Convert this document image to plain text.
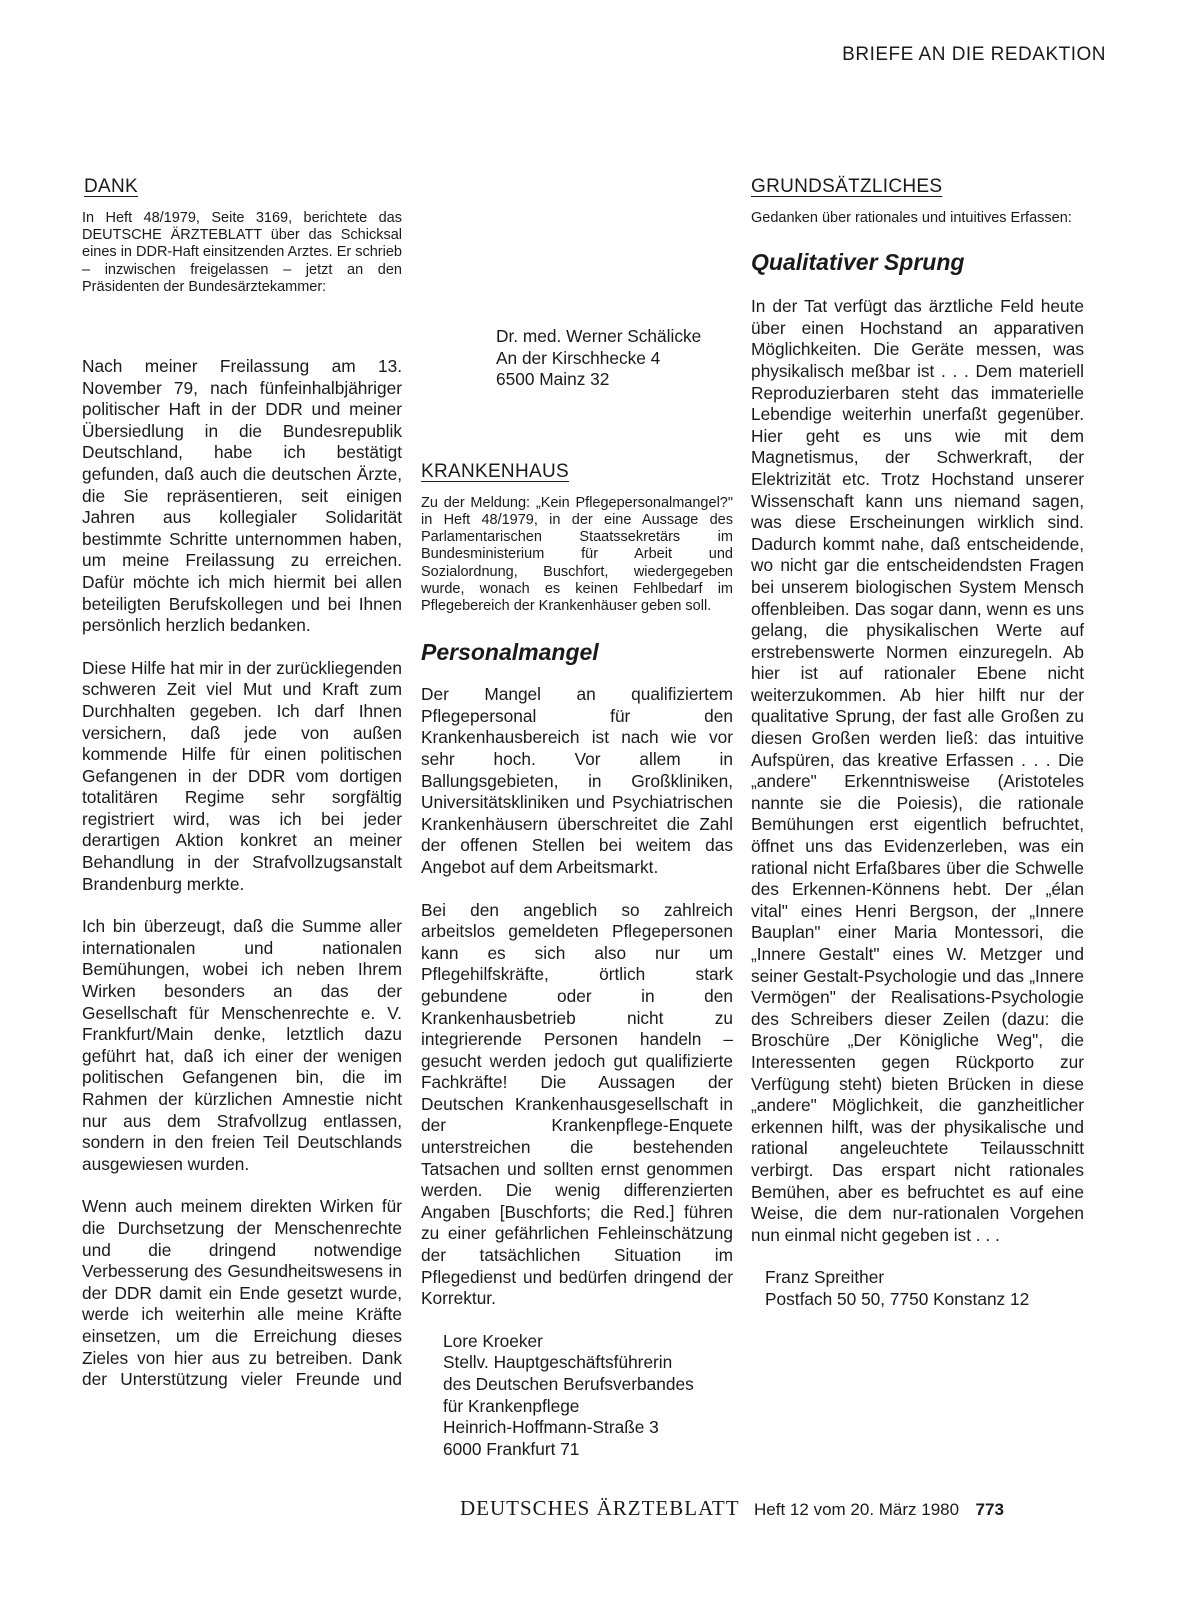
BRIEFE AN DIE REDAKTION
DANK

In Heft 48/1979, Seite 3169, berichtete das DEUTSCHE ÄRZTEBLATT über das Schicksal eines in DDR-Haft einsitzenden Arztes. Er schrieb – inzwischen freigelassen – jetzt an den Präsidenten der Bundesärztekammer:

Nach meiner Freilassung am 13. November 79, nach fünfeinhalbjähriger politischer Haft in der DDR und meiner Übersiedlung in die Bundesrepublik Deutschland, habe ich bestätigt gefunden, daß auch die deutschen Ärzte, die Sie repräsentieren, seit einigen Jahren aus kollegialer Solidarität bestimmte Schritte unternommen haben, um meine Freilassung zu erreichen. Dafür möchte ich mich hiermit bei allen beteiligten Berufskollegen und bei Ihnen persönlich herzlich bedanken.

Diese Hilfe hat mir in der zurückliegenden schweren Zeit viel Mut und Kraft zum Durchhalten gegeben. Ich darf Ihnen versichern, daß jede von außen kommende Hilfe für einen politischen Gefangenen in der DDR vom dortigen totalitären Regime sehr sorgfältig registriert wird, was ich bei jeder derartigen Aktion konkret an meiner Behandlung in der Strafvollzugsanstalt Brandenburg merkte.

Ich bin überzeugt, daß die Summe aller internationalen und nationalen Bemühungen, wobei ich neben Ihrem Wirken besonders an das der Gesellschaft für Menschenrechte e. V. Frankfurt/Main denke, letztlich dazu geführt hat, daß ich einer der wenigen politischen Gefangenen bin, die im Rahmen der kürzlichen Amnestie nicht nur aus dem Strafvollzug entlassen, sondern in den freien Teil Deutschlands ausgewiesen wurden.

Wenn auch meinem direkten Wirken für die Durchsetzung der Menschenrechte und die dringend notwendige Verbesserung des Gesundheitswesens in der DDR damit ein Ende gesetzt wurde, werde ich weiterhin alle meine Kräfte einsetzen, um die Erreichung dieses Zieles von hier aus zu betreiben. Dank der Unterstützung vieler Freunde und

Dr. med. Werner Schälicke
An der Kirschhecke 4
6500 Mainz 32
KRANKENHAUS

Zu der Meldung: „Kein Pflegepersonalmangel?" in Heft 48/1979, in der eine Aussage des Parlamentarischen Staatssekretärs im Bundesministerium für Arbeit und Sozialordnung, Buschfort, wiedergegeben wurde, wonach es keinen Fehlbedarf im Pflegebereich der Krankenhäuser geben soll.

Personalmangel

Der Mangel an qualifiziertem Pflegepersonal für den Krankenhausbereich ist nach wie vor sehr hoch. Vor allem in Ballungsgebieten, in Großkliniken, Universitätskliniken und Psychiatrischen Krankenhäusern überschreitet die Zahl der offenen Stellen bei weitem das Angebot auf dem Arbeitsmarkt.

Bei den angeblich so zahlreich arbeitslos gemeldeten Pflegepersonen kann es sich also nur um Pflegehilfskräfte, örtlich stark gebundene oder in den Krankenhausbetrieb nicht zu integrierende Personen handeln – gesucht werden jedoch gut qualifizierte Fachkräfte! Die Aussagen der Deutschen Krankenhausgesellschaft in der Krankenpflege-Enquete unterstreichen die bestehenden Tatsachen und sollten ernst genommen werden. Die wenig differenzierten Angaben [Buschforts; die Red.] führen zu einer gefährlichen Fehleinschätzung der tatsächlichen Situation im Pflegedienst und bedürfen dringend der Korrektur.

Lore Kroeker
Stellv. Hauptgeschäftsführerin
des Deutschen Berufsverbandes
für Krankenpflege
Heinrich-Hoffmann-Straße 3
6000 Frankfurt 71
GRUNDSÄTZLICHES

Gedanken über rationales und intuitives Erfassen:

Qualitativer Sprung

In der Tat verfügt das ärztliche Feld heute über einen Hochstand an apparativen Möglichkeiten. Die Geräte messen, was physikalisch meßbar ist . . . Dem materiell Reproduzierbaren steht das immaterielle Lebendige weiterhin unerfaßt gegenüber. Hier geht es uns wie mit dem Magnetismus, der Schwerkraft, der Elektrizität etc. Trotz Hochstand unserer Wissenschaft kann uns niemand sagen, was diese Erscheinungen wirklich sind. Dadurch kommt nahe, daß entscheidende, wo nicht gar die entscheidendsten Fragen bei unserem biologischen System Mensch offenbleiben. Das sogar dann, wenn es uns gelang, die physikalischen Werte auf erstrebenswerte Normen einzuregeln. Ab hier ist auf rationaler Ebene nicht weiterzukommen. Ab hier hilft nur der qualitative Sprung, der fast alle Großen zu diesen Großen werden ließ: das intuitive Aufspüren, das kreative Erfassen . . . Die „andere" Erkenntnisweise (Aristoteles nannte sie die Poiesis), die rationale Bemühungen erst eigentlich befruchtet, öffnet uns das Evidenzerleben, was ein rational nicht Erfaßbares über die Schwelle des Erkennen-Könnens hebt. Der „élan vital" eines Henri Bergson, der „Innere Bauplan" einer Maria Montessori, die „Innere Gestalt" eines W. Metzger und seiner Gestalt-Psychologie und das „Innere Vermögen" der Realisations-Psychologie des Schreibers dieser Zeilen (dazu: die Broschüre „Der Königliche Weg", die Interessenten gegen Rückporto zur Verfügung steht) bieten Brücken in diese „andere" Möglichkeit, die ganzheitlicher erkennen hilft, was der physikalische und rational angeleuchtete Teilausschnitt verbirgt. Das erspart nicht rationales Bemühen, aber es befruchtet es auf eine Weise, die dem nur-rationalen Vorgehen nun einmal nicht gegeben ist . . .

Franz Spreither
Postfach 50 50, 7750 Konstanz 12
DEUTSCHES ÄRZTEBLATT Heft 12 vom 20. März 1980 773
